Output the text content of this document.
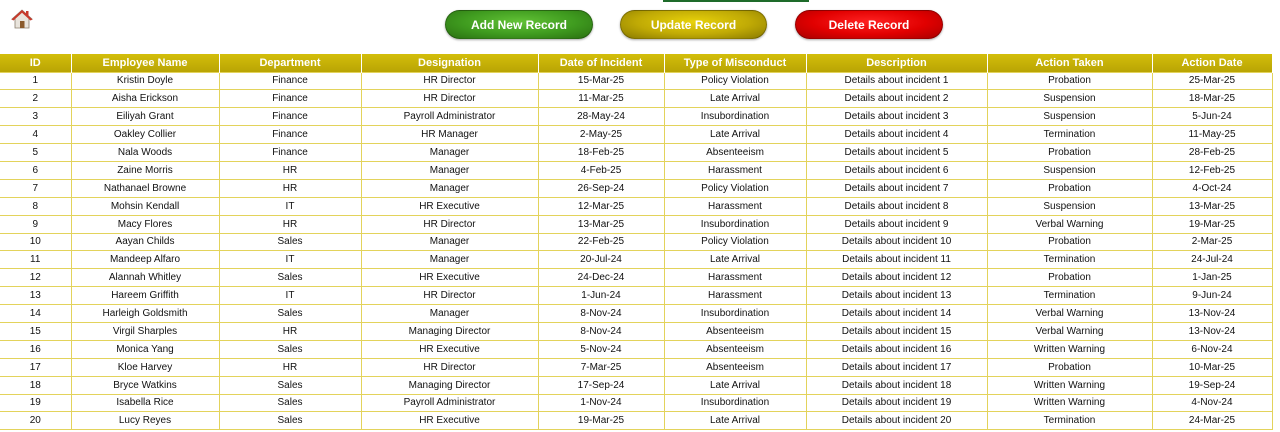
Add New Record	Update Record	Delete Record
ID	Employee Name	Department	Designation	Date of Incident	Type of Misconduct	Description	Action Taken	Action Date
1	Kristin Doyle	Finance	HR Director	15-Mar-25	Policy Violation	Details about incident 1	Probation	25-Mar-25
2	Aisha Erickson	Finance	HR Director	11-Mar-25	Late Arrival	Details about incident 2	Suspension	18-Mar-25
3	Eiliyah Grant	Finance	Payroll Administrator	28-May-24	Insubordination	Details about incident 3	Suspension	5-Jun-24
4	Oakley Collier	Finance	HR Manager	2-May-25	Late Arrival	Details about incident 4	Termination	11-May-25
5	Nala Woods	Finance	Manager	18-Feb-25	Absenteeism	Details about incident 5	Probation	28-Feb-25
6	Zaine Morris	HR	Manager	4-Feb-25	Harassment	Details about incident 6	Suspension	12-Feb-25
7	Nathanael Browne	HR	Manager	26-Sep-24	Policy Violation	Details about incident 7	Probation	4-Oct-24
8	Mohsin Kendall	IT	HR Executive	12-Mar-25	Harassment	Details about incident 8	Suspension	13-Mar-25
9	Macy Flores	HR	HR Director	13-Mar-25	Insubordination	Details about incident 9	Verbal Warning	19-Mar-25
10	Aayan Childs	Sales	Manager	22-Feb-25	Policy Violation	Details about incident 10	Probation	2-Mar-25
11	Mandeep Alfaro	IT	Manager	20-Jul-24	Late Arrival	Details about incident 11	Termination	24-Jul-24
12	Alannah Whitley	Sales	HR Executive	24-Dec-24	Harassment	Details about incident 12	Probation	1-Jan-25
13	Hareem Griffith	IT	HR Director	1-Jun-24	Harassment	Details about incident 13	Termination	9-Jun-24
14	Harleigh Goldsmith	Sales	Manager	8-Nov-24	Insubordination	Details about incident 14	Verbal Warning	13-Nov-24
15	Virgil Sharples	HR	Managing Director	8-Nov-24	Absenteeism	Details about incident 15	Verbal Warning	13-Nov-24
16	Monica Yang	Sales	HR Executive	5-Nov-24	Absenteeism	Details about incident 16	Written Warning	6-Nov-24
17	Kloe Harvey	HR	HR Director	7-Mar-25	Absenteeism	Details about incident 17	Probation	10-Mar-25
18	Bryce Watkins	Sales	Managing Director	17-Sep-24	Late Arrival	Details about incident 18	Written Warning	19-Sep-24
19	Isabella Rice	Sales	Payroll Administrator	1-Nov-24	Insubordination	Details about incident 19	Written Warning	4-Nov-24
20	Lucy Reyes	Sales	HR Executive	19-Mar-25	Late Arrival	Details about incident 20	Termination	24-Mar-25
